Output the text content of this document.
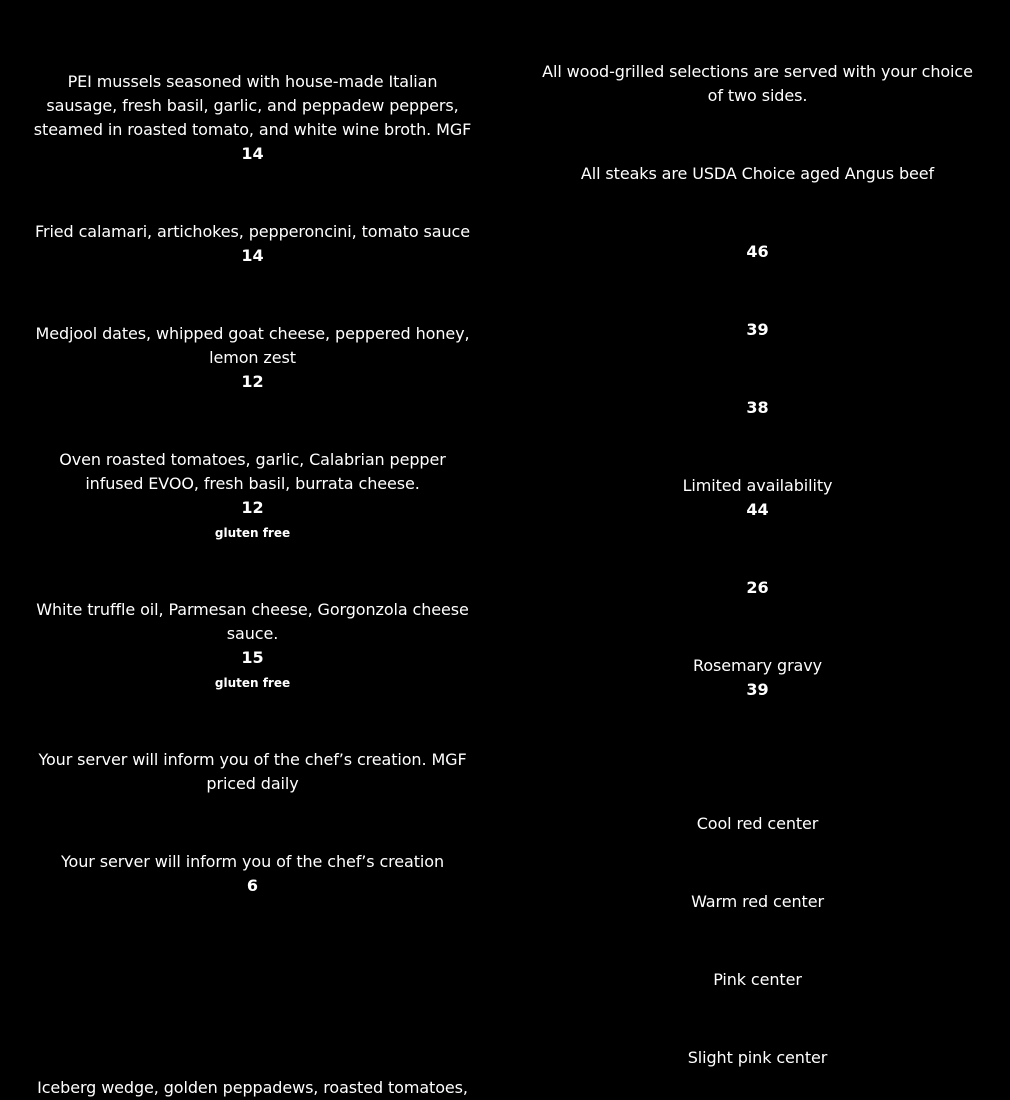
PEI mussels seasoned with house-made Italian sausage, fresh basil, garlic, and peppadew peppers, steamed in roasted tomato, and white wine broth. MGF
14
Fried calamari, artichokes, pepperoncini, tomato sauce
14
Medjool dates, whipped goat cheese, peppered honey, lemon zest
12
Oven roasted tomatoes, garlic, Calabrian pepper infused EVOO, fresh basil, burrata cheese.
12
gluten free
White truffle oil, Parmesan cheese, Gorgonzola cheese sauce.
15
gluten free
Your server will inform you of the chef’s creation. MGF priced daily
Your server will inform you of the chef’s creation
6
Iceberg wedge, golden peppadews, roasted tomatoes,
All wood-grilled selections are served with your choice of two sides.
All steaks are USDA Choice aged Angus beef
46
39
38
Limited availability
44
26
Rosemary gravy
39
Cool red center
Warm red center
Pink center
Slight pink center
